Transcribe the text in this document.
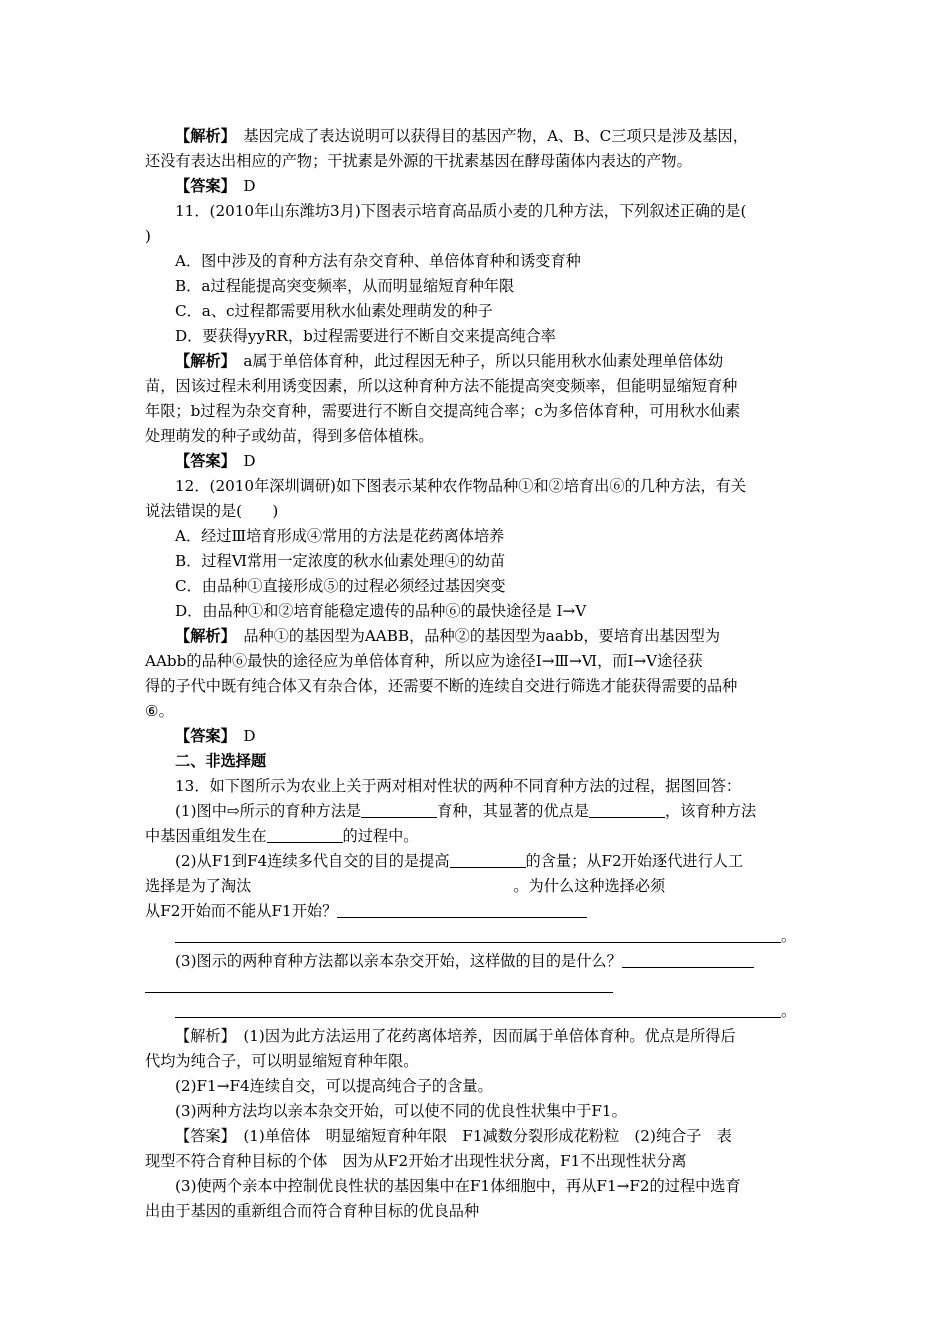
【解析】　基因完成了表达说明可以获得目的基因产物，A、B、C三项只是涉及基因，
还没有表达出相应的产物；干扰素是外源的干扰素基因在酵母菌体内表达的产物。
【答案】　D
11．(2010年山东潍坊3月)下图表示培育高品质小麦的几种方法，下列叙述正确的是(
)
A．图中涉及的育种方法有杂交育种、单倍体育种和诱变育种
B．a过程能提高突变频率，从而明显缩短育种年限
C．a、c过程都需要用秋水仙素处理萌发的种子
D．要获得yyRR，b过程需要进行不断自交来提高纯合率
【解析】　a属于单倍体育种，此过程因无种子，所以只能用秋水仙素处理单倍体幼
苗，因该过程未利用诱变因素，所以这种育种方法不能提高突变频率，但能明显缩短育种
年限；b过程为杂交育种，需要进行不断自交提高纯合率；c为多倍体育种，可用秋水仙素
处理萌发的种子或幼苗，得到多倍体植株。
【答案】　D
12．(2010年深圳调研)如下图表示某种农作物品种①和②培育出⑥的几种方法，有关
说法错误的是(　　)
A．经过Ⅲ培育形成④常用的方法是花药离体培养
B．过程Ⅵ常用一定浓度的秋水仙素处理④的幼苗
C．由品种①直接形成⑤的过程必须经过基因突变
D．由品种①和②培育能稳定遗传的品种⑥的最快途径是 Ⅰ→Ⅴ
【解析】　品种①的基因型为AABB，品种②的基因型为aabb，要培育出基因型为
AAbb的品种⑥最快的途径应为单倍体育种，所以应为途径Ⅰ→Ⅲ→Ⅵ，而Ⅰ→Ⅴ途径获
得的子代中既有纯合体又有杂合体，还需要不断的连续自交进行筛选才能获得需要的品种
⑥。
【答案】　D
二、非选择题
13．如下图所示为农业上关于两对相对性状的两种不同育种方法的过程，据图回答：
(1)图中⇨所示的育种方法是	育种，其显著的优点是	，该育种方法
中基因重组发生在	的过程中。
(2)从F1到F4连续多代自交的目的是提高	的含量；从F2开始逐代进行人工
选择是为了淘汰	。为什么这种选择必须
从F2开始而不能从F1开始？
。
(3)图示的两种育种方法都以亲本杂交开始，这样做的目的是什么？
。
【解析】　(1)因为此方法运用了花药离体培养，因而属于单倍体育种。优点是所得后
代均为纯合子，可以明显缩短育种年限。
(2)F1→F4连续自交，可以提高纯合子的含量。
(3)两种方法均以亲本杂交开始，可以使不同的优良性状集中于F1。
【答案】　(1)单倍体　明显缩短育种年限　F1减数分裂形成花粉粒　(2)纯合子　表
现型不符合育种目标的个体　因为从F2开始才出现性状分离，F1不出现性状分离
(3)使两个亲本中控制优良性状的基因集中在F1体细胞中，再从F1→F2的过程中选育
出由于基因的重新组合而符合育种目标的优良品种
